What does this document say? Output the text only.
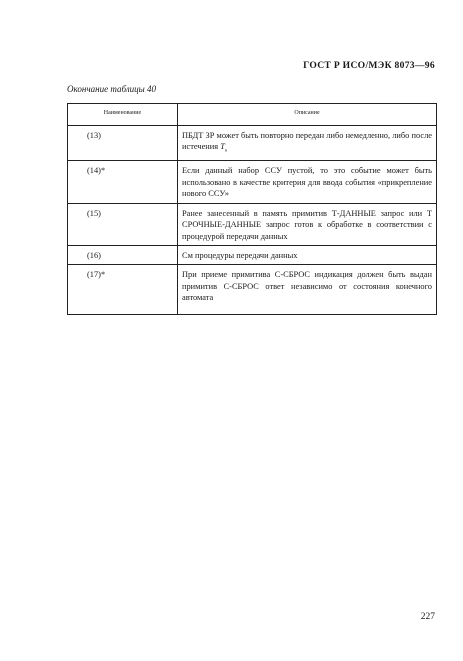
ГОСТ Р ИСО/МЭК 8073—96
Окончание таблицы 40
Наименование	Описание
(13)	ПБДТ ЗР может быть повторно передан либо немедленно, либо после истечения $T_s$
(14)*	Если данный набор ССУ пустой, то это событие может быть использовано в качестве критерия для ввода события «прикрепление нового ССУ»
(15)	Ранее занесенный в память примитив Т-ДАННЫЕ запрос или Т СРОЧНЫЕ-ДАННЫЕ запрос готов к обработке в соответствии с процедурой передачи данных
(16)	См процедуры передачи данных
(17)*	При приеме примитива С-СБРОС индикация должен быть выдан примитив С-СБРОС ответ независимо от состояния конечного автомата
227
